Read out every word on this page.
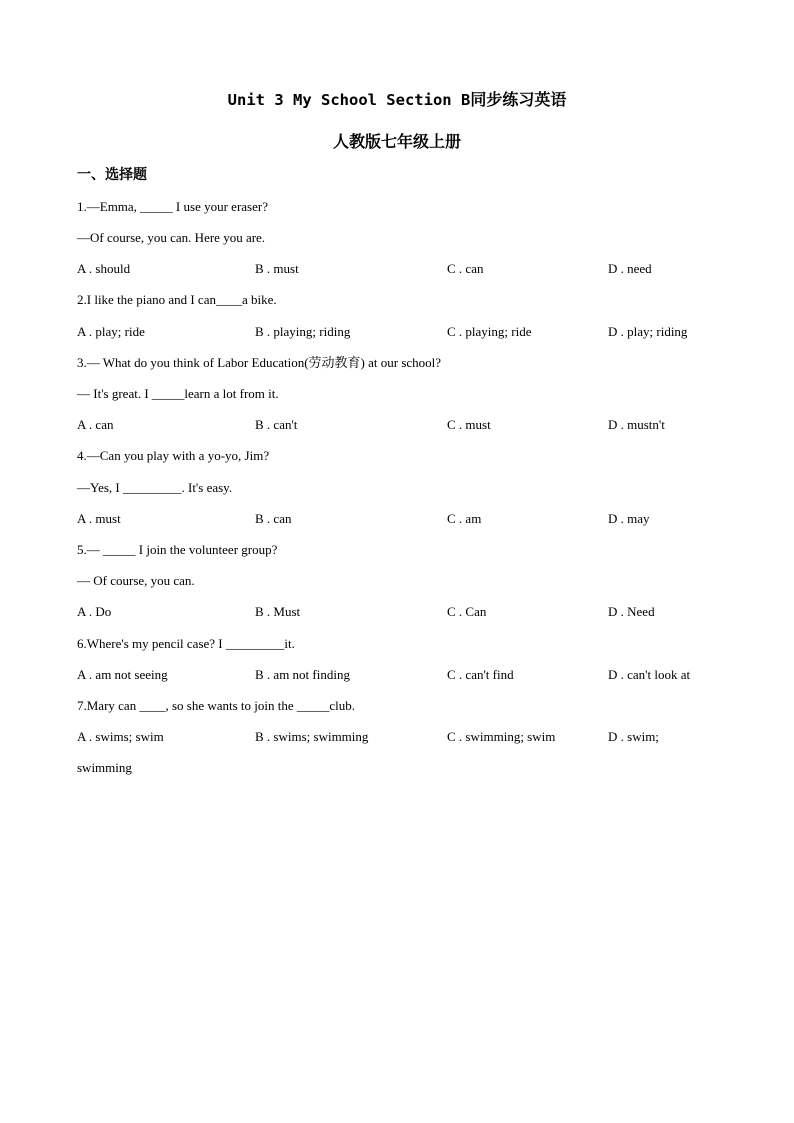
Unit 3 My School Section B同步练习英语
人教版七年级上册
一、选择题
1.—Emma, _____ I use your eraser?
—Of course, you can. Here you are.
A . should	B . must	C . can	D . need
2.I like the piano and I can____a bike.
A . play; ride	B . playing; riding	C . playing; ride	D . play; riding
3.— What do you think of Labor Education(劳动教育) at our school?
— It's great. I _____learn a lot from it.
A . can	B . can't	C . must	D . mustn't
4.—Can you play with a yo-yo, Jim?
—Yes, I _________. It's easy.
A . must	B . can	C . am	D . may
5.— _____ I join the volunteer group?
— Of course, you can.
A . Do	B . Must	C . Can	D . Need
6.Where's my pencil case? I _________it.
A . am not seeing	B . am not finding	C . can't find	D . can't look at
7.Mary can ____, so she wants to join the _____club.
A . swims; swim	B . swims; swimming	C . swimming; swim	D . swim;
swimming
